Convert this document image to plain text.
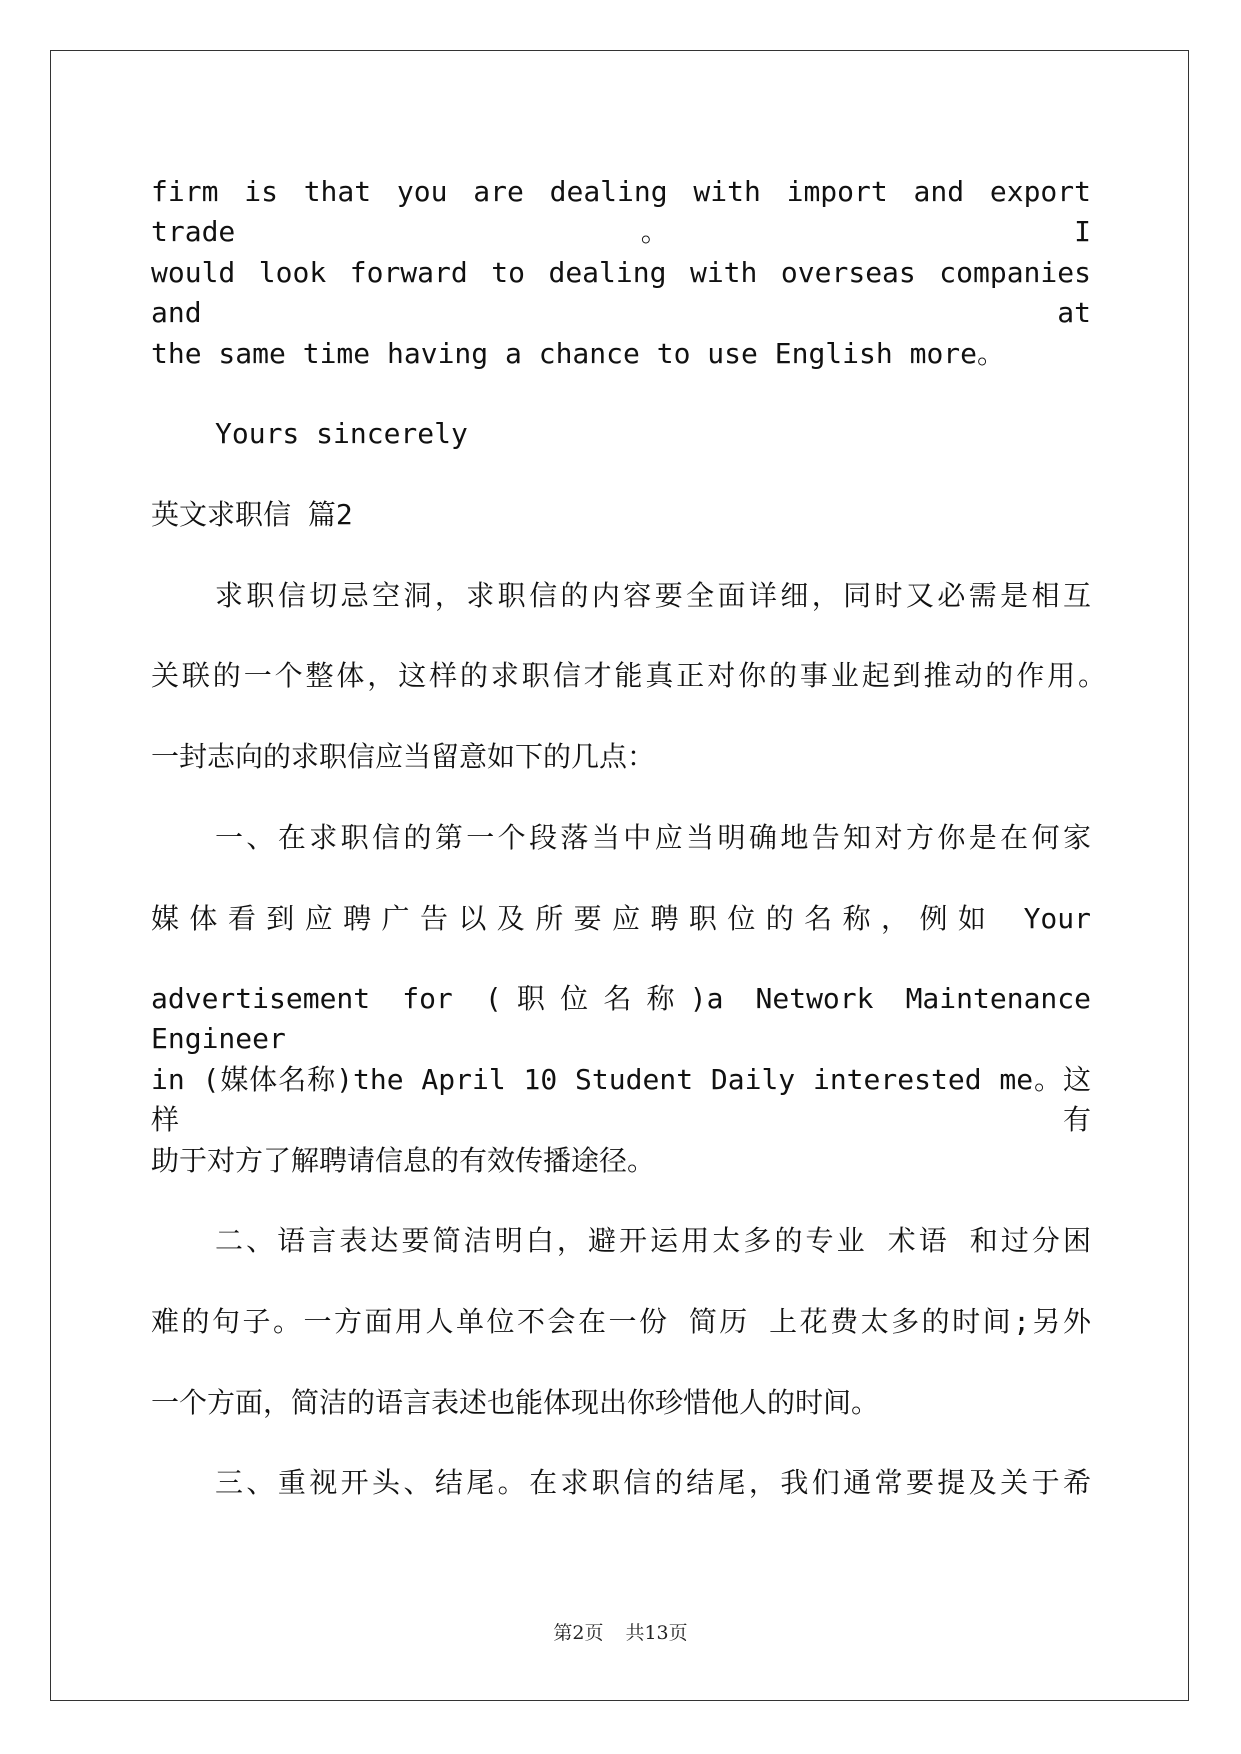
firm is that you are dealing with import and export trade。I
would look forward to dealing with overseas companies and at
the same time having a chance to use English more。
Yours sincerely
英文求职信 篇2
求职信切忌空洞，求职信的内容要全面详细，同时又必需是相互
关联的一个整体，这样的求职信才能真正对你的事业起到推动的作用。
一封志向的求职信应当留意如下的几点：
一、在求职信的第一个段落当中应当明确地告知对方你是在何家
媒体看到应聘广告以及所要应聘职位的名称，例如 Your
advertisement for (职位名称)a Network Maintenance Engineer
in (媒体名称)the April 10 Student Daily interested me。这样有
助于对方了解聘请信息的有效传播途径。
二、语言表达要简洁明白，避开运用太多的专业 术语 和过分困
难的句子。一方面用人单位不会在一份 简历 上花费太多的时间;另外
一个方面，简洁的语言表述也能体现出你珍惜他人的时间。
三、重视开头、结尾。在求职信的结尾，我们通常要提及关于希
第2页 共13页
